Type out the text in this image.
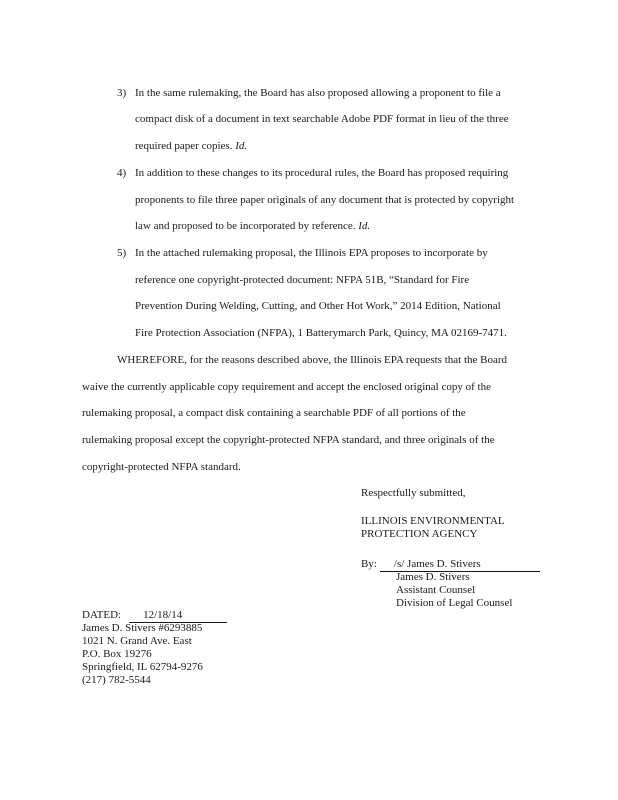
3) In the same rulemaking, the Board has also proposed allowing a proponent to file a
compact disk of a document in text searchable Adobe PDF format in lieu of the three
required paper copies. Id.
4) In addition to these changes to its procedural rules, the Board has proposed requiring
proponents to file three paper originals of any document that is protected by copyright
law and proposed to be incorporated by reference. Id.
5) In the attached rulemaking proposal, the Illinois EPA proposes to incorporate by
reference one copyright-protected document: NFPA 51B, “Standard for Fire
Prevention During Welding, Cutting, and Other Hot Work,” 2014 Edition, National
Fire Protection Association (NFPA), 1 Batterymarch Park, Quincy, MA 02169-7471.
WHEREFORE, for the reasons described above, the Illinois EPA requests that the Board
waive the currently applicable copy requirement and accept the enclosed original copy of the
rulemaking proposal, a compact disk containing a searchable PDF of all portions of the
rulemaking proposal except the copyright-protected NFPA standard, and three originals of the
copyright-protected NFPA standard.
Respectfully submitted,
ILLINOIS ENVIRONMENTAL
PROTECTION AGENCY
By: /s/ James D. Stivers
James D. Stivers
Assistant Counsel
Division of Legal Counsel
DATED: 12/18/14
James D. Stivers #6293885
1021 N. Grand Ave. East
P.O. Box 19276
Springfield, IL 62794-9276
(217) 782-5544
